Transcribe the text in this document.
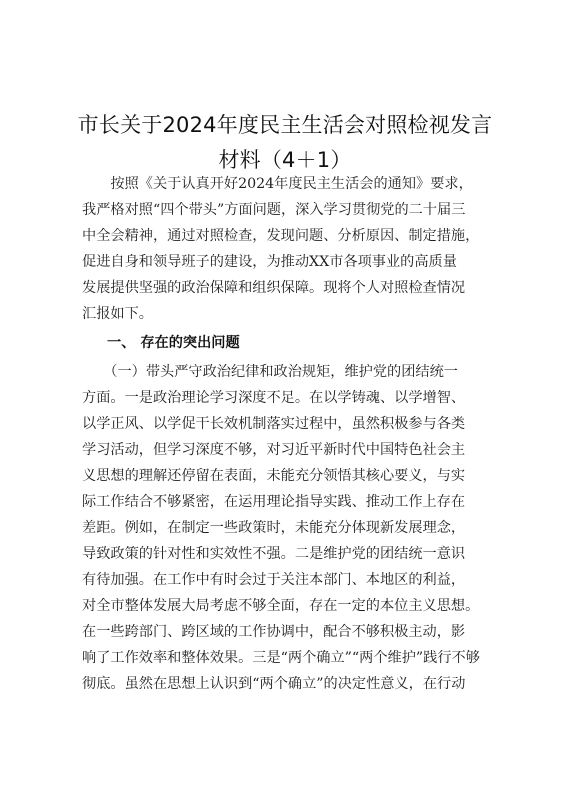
市长关于2024年度民主生活会对照检视发言
材料（4＋1）
　　按照《关于认真开好2024年度民主生活会的通知》要求，
我严格对照“四个带头”方面问题，深入学习贯彻党的二十届三
中全会精神，通过对照检查，发现问题、分析原因、制定措施，
促进自身和领导班子的建设，为推动XX市各项事业的高质量
发展提供坚强的政治保障和组织保障。现将个人对照检查情况
汇报如下。
一、 存在的突出问题
　　（一）带头严守政治纪律和政治规矩，维护党的团结统一
方面。一是政治理论学习深度不足。在以学铸魂、以学增智、
以学正风、以学促干长效机制落实过程中，虽然积极参与各类
学习活动，但学习深度不够，对习近平新时代中国特色社会主
义思想的理解还停留在表面，未能充分领悟其核心要义，与实
际工作结合不够紧密，在运用理论指导实践、推动工作上存在
差距。例如，在制定一些政策时，未能充分体现新发展理念，
导致政策的针对性和实效性不强。二是维护党的团结统一意识
有待加强。在工作中有时会过于关注本部门、本地区的利益，
对全市整体发展大局考虑不够全面，存在一定的本位主义思想。
在一些跨部门、跨区域的工作协调中，配合不够积极主动，影
响了工作效率和整体效果。三是“两个确立”“两个维护”践行不够
彻底。虽然在思想上认识到“两个确立”的决定性意义，在行动
